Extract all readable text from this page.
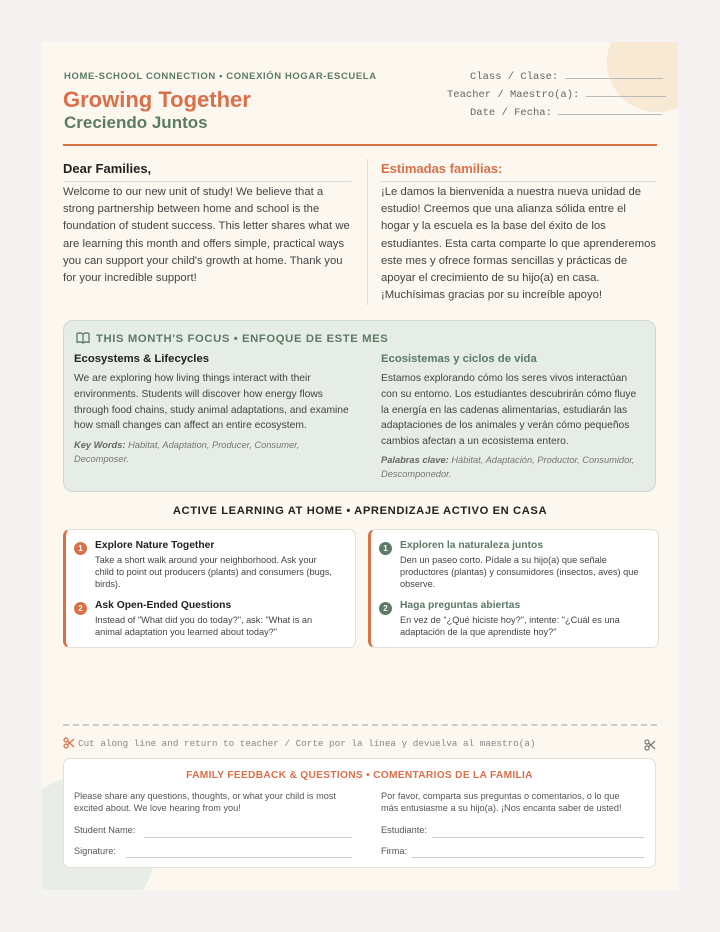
HOME-SCHOOL CONNECTION • CONEXIÓN HOGAR-ESCUELA
Growing Together
Creciendo Juntos
Class / Clase:
Teacher / Maestro(a):
Date / Fecha:
Dear Families,	Estimadas familias:
Welcome to our new unit of study! We believe that a
strong partnership between home and school is the
foundation of student success. This letter shares what we
are learning this month and offers simple, practical ways
you can support your child's growth at home. Thank you
for your incredible support!
¡Le damos la bienvenida a nuestra nueva unidad de
estudio! Creemos que una alianza sólida entre el
hogar y la escuela es la base del éxito de los
estudiantes. Esta carta comparte lo que aprenderemos
este mes y ofrece formas sencillas y prácticas de
apoyar el crecimiento de su hijo(a) en casa.
¡Muchísimas gracias por su increíble apoyo!
THIS MONTH'S FOCUS • ENFOQUE DE ESTE MES
Ecosystems & Lifecycles
We are exploring how living things interact with their
environments. Students will discover how energy flows
through food chains, study animal adaptations, and examine
how small changes can affect an entire ecosystem.
Key Words: Habitat, Adaptation, Producer, Consumer,
Decomposer.
Ecosistemas y ciclos de vida
Estamos explorando cómo los seres vivos interactúan
con su entorno. Los estudiantes descubrirán cómo fluye
la energía en las cadenas alimentarias, estudiarán las
adaptaciones de los animales y verán cómo pequeños
cambios afectan a un ecosistema entero.
Palabras clave: Hábitat, Adaptación, Productor, Consumidor,
Descomponedor.
ACTIVE LEARNING AT HOME • APRENDIZAJE ACTIVO EN CASA
1	Explore Nature Together
Take a short walk around your neighborhood. Ask your
child to point out producers (plants) and consumers (bugs,
birds).
2	Ask Open-Ended Questions
Instead of "What did you do today?", ask: "What is an
animal adaptation you learned about today?"
1	Exploren la naturaleza juntos
Den un paseo corto. Pídale a su hijo(a) que señale
productores (plantas) y consumidores (insectos, aves) que
observe.
2	Haga preguntas abiertas
En vez de "¿Qué hiciste hoy?", intente: "¿Cuál es una
adaptación de la que aprendiste hoy?"
Cut along line and return to teacher / Corte por la línea y devuelva al maestro(a)
FAMILY FEEDBACK & QUESTIONS • COMENTARIOS DE LA FAMILIA
Please share any questions, thoughts, or what your child is most
excited about. We love hearing from you!
Por favor, comparta sus preguntas o comentarios, o lo que
más entusiasme a su hijo(a). ¡Nos encanta saber de usted!
Student Name:
Signature:
Estudiante:
Firma:
